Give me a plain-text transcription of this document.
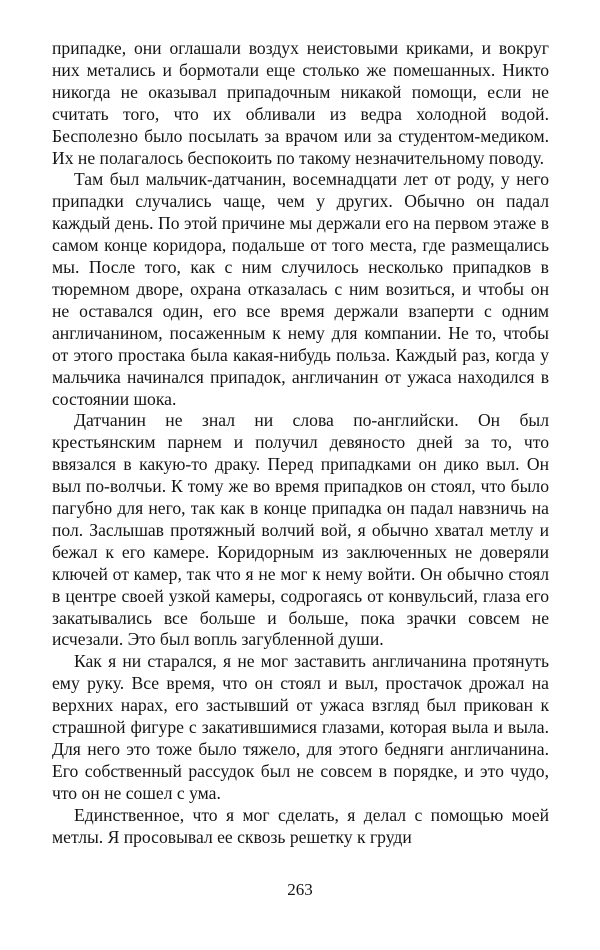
припадке, они оглашали воздух неистовыми криками, и вокруг них метались и бормотали еще столько же помешанных. Никто никогда не оказывал припадочным никакой помощи, если не считать того, что их обливали из ведра холодной водой. Бесполезно было посылать за врачом или за студентом-медиком. Их не полагалось беспокоить по такому незначительному поводу.

Там был мальчик-датчанин, восемнадцати лет от роду, у него припадки случались чаще, чем у других. Обычно он падал каждый день. По этой причине мы держали его на первом этаже в самом конце коридора, подальше от того места, где размещались мы. После того, как с ним случилось несколько припадков в тюремном дворе, охрана отказалась с ним возиться, и чтобы он не оставался один, его все время держали взаперти с одним англичанином, посаженным к нему для компании. Не то, чтобы от этого простака была какая-нибудь польза. Каждый раз, когда у мальчика начинался припадок, англичанин от ужаса находился в состоянии шока.

Датчанин не знал ни слова по-английски. Он был крестьянским парнем и получил девяносто дней за то, что ввязался в какую-то драку. Перед припадками он дико выл. Он выл по-волчьи. К тому же во время припадков он стоял, что было пагубно для него, так как в конце припадка он падал навзничь на пол. Заслышав протяжный волчий вой, я обычно хватал метлу и бежал к его камере. Коридорным из заключенных не доверяли ключей от камер, так что я не мог к нему войти. Он обычно стоял в центре своей узкой камеры, содрогаясь от конвульсий, глаза его закатывались все больше и больше, пока зрачки совсем не исчезали. Это был вопль загубленной души.

Как я ни старался, я не мог заставить англичанина протянуть ему руку. Все время, что он стоял и выл, простачок дрожал на верхних нарах, его застывший от ужаса взгляд был прикован к страшной фигуре с закатившимися глазами, которая выла и выла. Для него это тоже было тяжело, для этого бедняги англичанина. Его собственный рассудок был не совсем в порядке, и это чудо, что он не сошел с ума.

Единственное, что я мог сделать, я делал с помощью моей метлы. Я просовывал ее сквозь решетку к груди

263
